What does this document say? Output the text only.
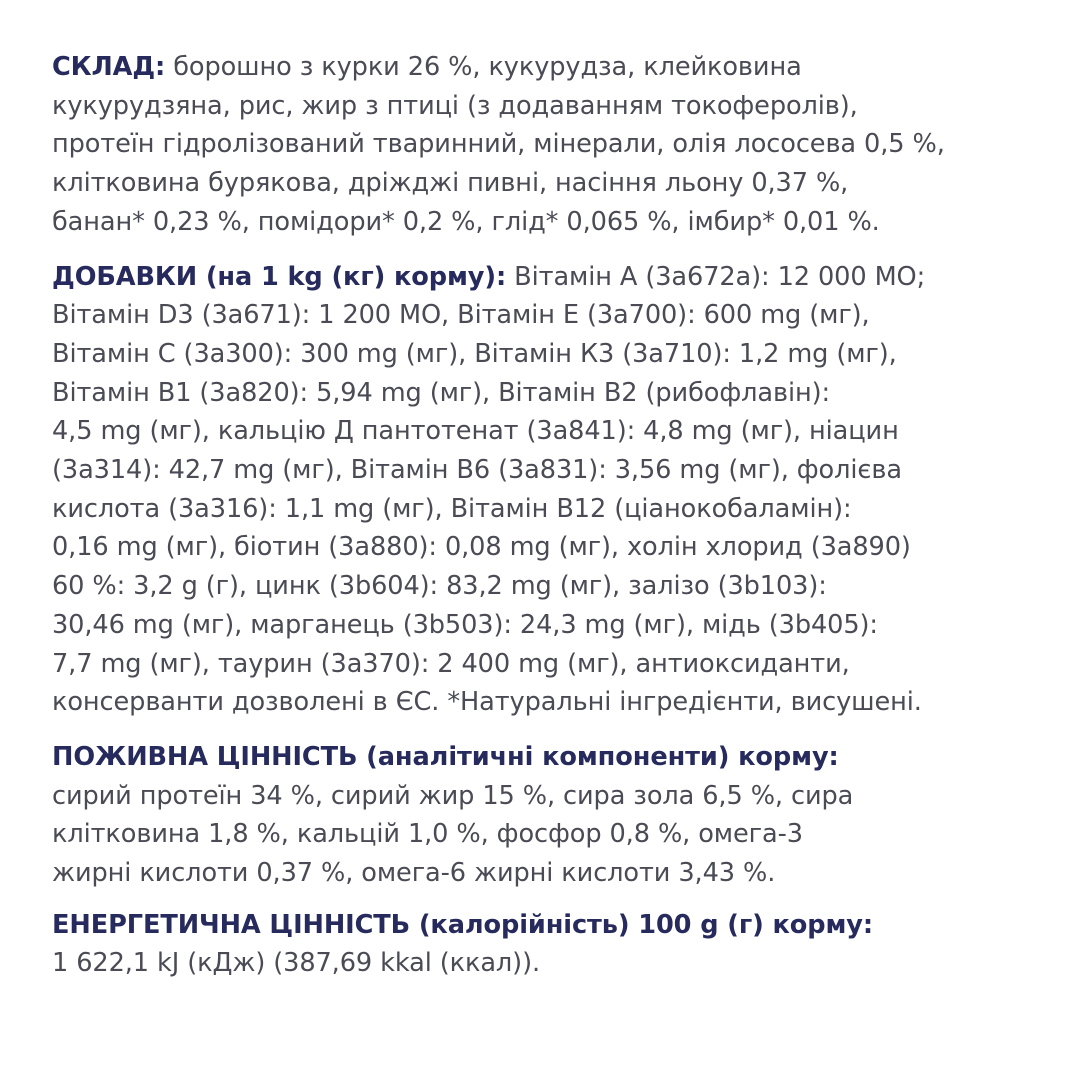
СКЛАД: борошно з курки 26 %, кукурудза, клейковина
кукурудзяна, рис, жир з птиці (з додаванням токоферолів),
протеїн гідролізований тваринний, мінерали, олія лососева 0,5 %,
клітковина бурякова, дріжджі пивні, насіння льону 0,37 %,
банан* 0,23 %, помідори* 0,2 %, глід* 0,065 %, імбир* 0,01 %.
ДОБАВКИ (на 1 kg (кг) корму): Вітамін А (3а672а): 12 000 МО;
Вітамін D3 (3а671): 1 200 МО, Вітамін Е (3а700): 600 mg (мг),
Вітамін С (3а300): 300 mg (мг), Вітамін К3 (3а710): 1,2 mg (мг),
Вітамін В1 (3а820): 5,94 mg (мг), Вітамін В2 (рибофлавін):
4,5 mg (мг), кальцію Д пантотенат (3а841): 4,8 mg (мг), ніацин
(3а314): 42,7 mg (мг), Вітамін В6 (3а831): 3,56 mg (мг), фолієва
кислота (3а316): 1,1 mg (мг), Вітамін В12 (ціанокобаламін):
0,16 mg (мг), біотин (3а880): 0,08 mg (мг), холін хлорид (3а890)
60 %: 3,2 g (г), цинк (3b604): 83,2 mg (мг), залізо (3b103):
30,46 mg (мг), марганець (3b503): 24,3 mg (мг), мідь (3b405):
7,7 mg (мг), таурин (3а370): 2 400 mg (мг), антиоксиданти,
консерванти дозволені в ЄС. *Натуральні інгредієнти, висушені.
ПОЖИВНА ЦІННІСТЬ (аналітичні компоненти) корму:
сирий протеїн 34 %, сирий жир 15 %, сира зола 6,5 %, сира
клітковина 1,8 %, кальцій 1,0 %, фосфор 0,8 %, омега-3
жирні кислоти 0,37 %, омега-6 жирні кислоти 3,43 %.
ЕНЕРГЕТИЧНА ЦІННІСТЬ (калорійність) 100 g (г) корму:
1 622,1 kJ (кДж) (387,69 kkal (ккал)).
